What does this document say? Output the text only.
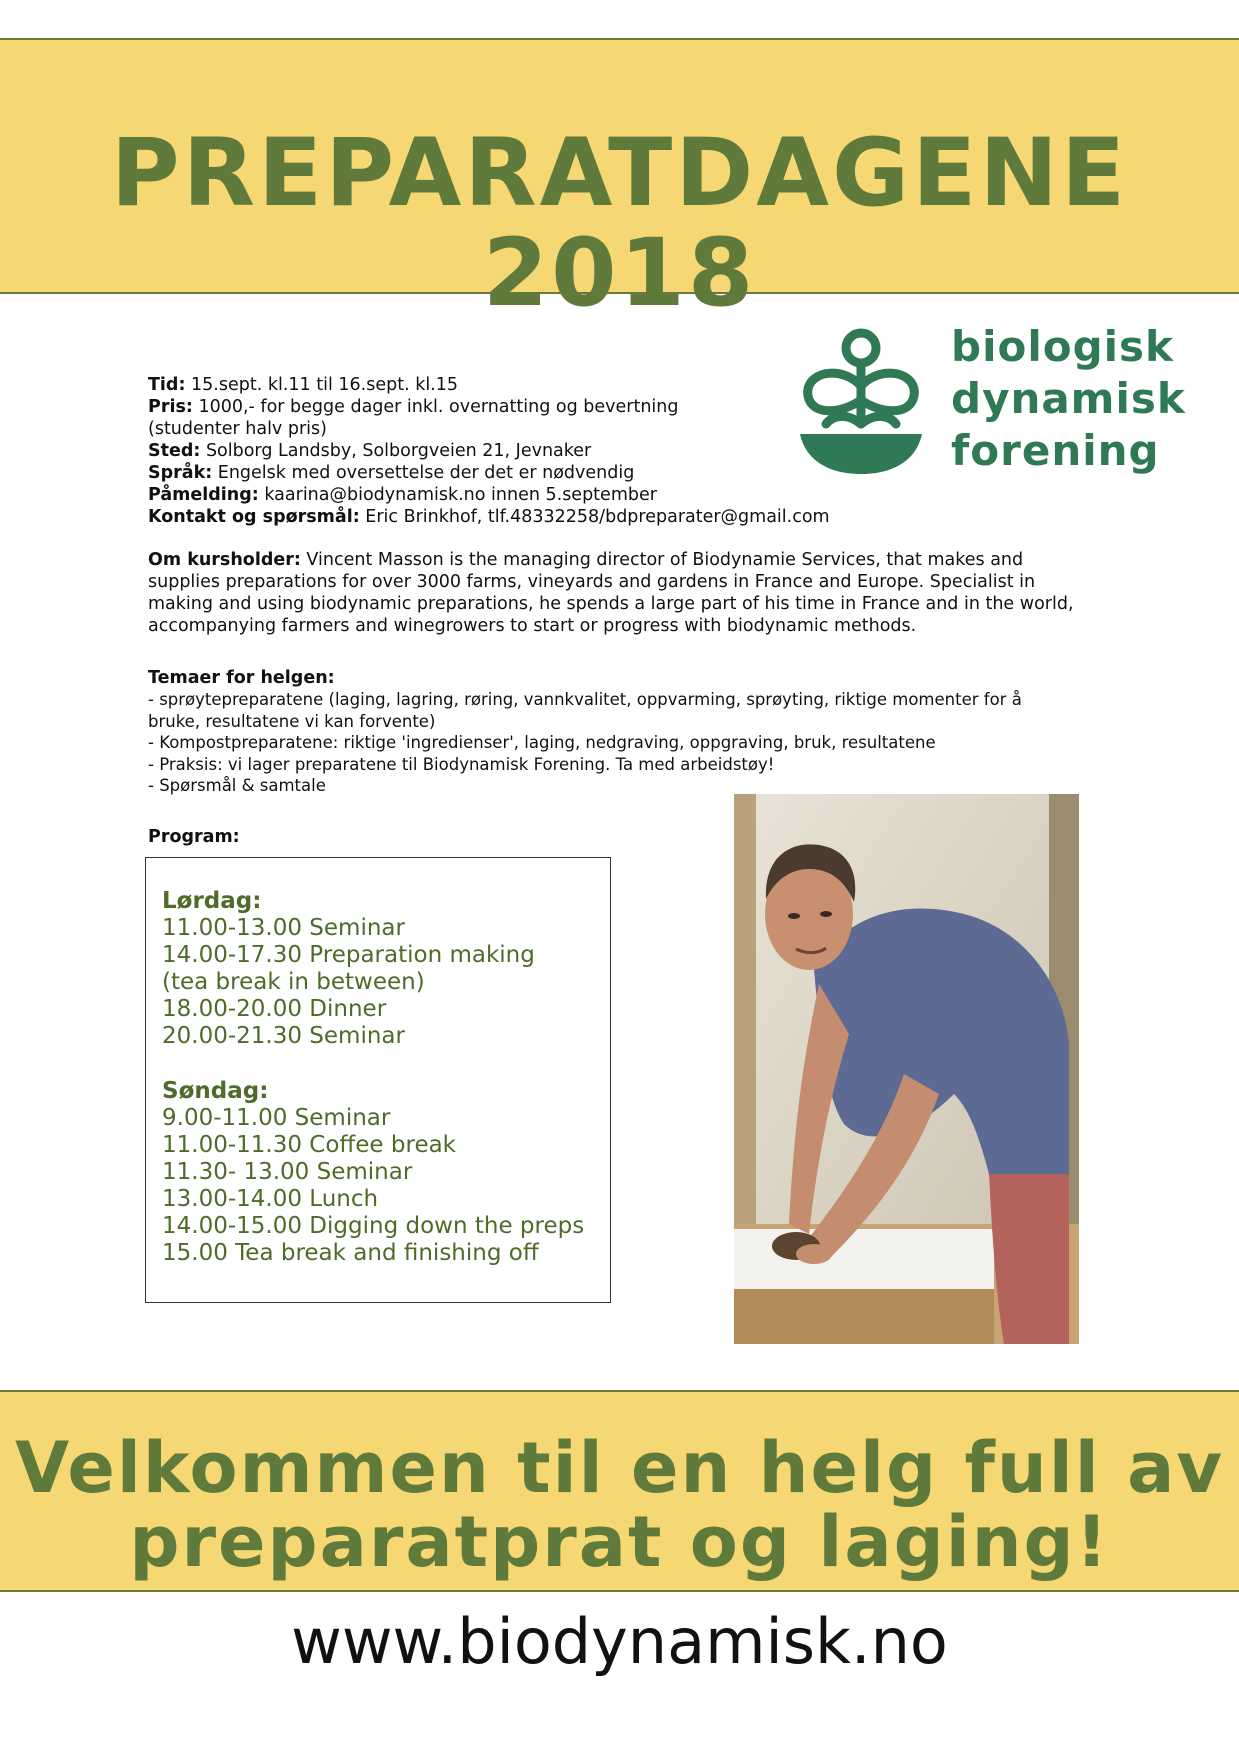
PREPARATDAGENE 2018
biologisk
dynamisk
forening
Tid: 15.sept. kl.11 til 16.sept. kl.15
Pris: 1000,- for begge dager inkl. overnatting og bevertning
(studenter halv pris)
Sted: Solborg Landsby, Solborgveien 21, Jevnaker
Språk: Engelsk med oversettelse der det er nødvendig
Påmelding: kaarina@biodynamisk.no innen 5.september
Kontakt og spørsmål: Eric Brinkhof, tlf.48332258/bdpreparater@gmail.com

Om kursholder: Vincent Masson is the managing director of Biodynamie Services, that makes and supplies preparations for over 3000 farms, vineyards and gardens in France and Europe. Specialist in making and using biodynamic preparations, he spends a large part of his time in France and in the world, accompanying farmers and winegrowers to start or progress with biodynamic methods.

Temaer for helgen:
- sprøytepreparatene (laging, lagring, røring, vannkvalitet, oppvarming, sprøyting, riktige momenter for å
bruke, resultatene vi kan forvente)
- Kompostpreparatene: riktige 'ingredienser', laging, nedgraving, oppgraving, bruk, resultatene
- Praksis: vi lager preparatene til Biodynamisk Forening. Ta med arbeidstøy!
- Spørsmål & samtale
Program:
Lørdag:
11.00-13.00 Seminar
14.00-17.30 Preparation making
(tea break in between)
18.00-20.00 Dinner
20.00-21.30 Seminar
Søndag:
9.00-11.00 Seminar
11.00-11.30 Coffee break
11.30- 13.00 Seminar
13.00-14.00 Lunch
14.00-15.00 Digging down the preps
15.00 Tea break and finishing off
Velkommen til en helg full av
preparatprat og laging!
www.biodynamisk.no
